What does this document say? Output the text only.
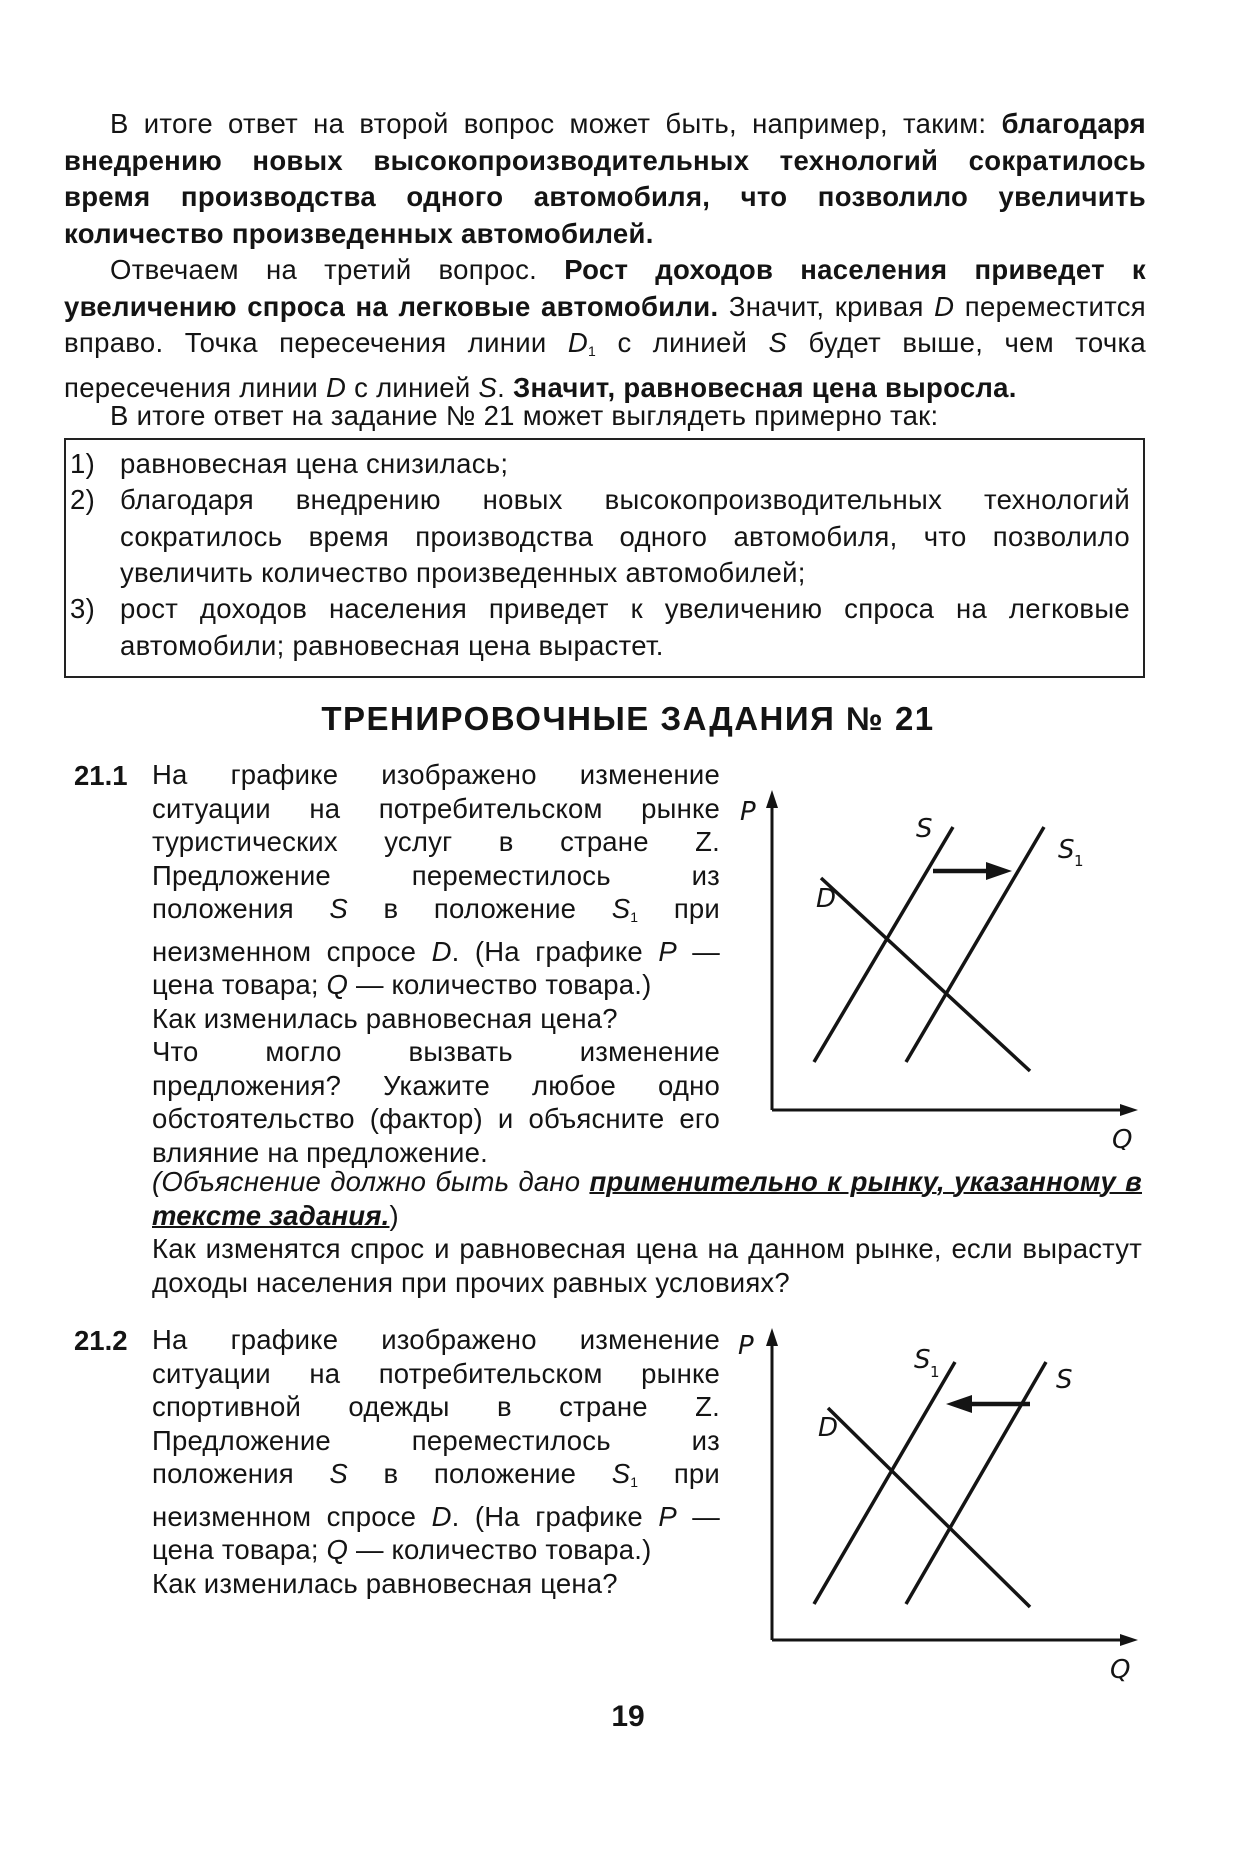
В итоге ответ на второй вопрос может быть, например, таким: благодаря внедрению новых высокопроизводительных технологий сократилось время производства одного автомобиля, что позволило увеличить количество произведенных автомобилей.

Отвечаем на третий вопрос. Рост доходов населения приведет к увеличению спроса на легковые автомобили. Значит, кривая D переместится вправо. Точка пересечения линии $D_1$ с линией S будет выше, чем точка пересечения линии D с линией S. Значит, равновесная цена выросла.

В итоге ответ на задание № 21 может выглядеть примерно так:

1) равновесная цена снизилась;
2) благодаря внедрению новых высокопроизводительных технологий сократилось время производства одного автомобиля, что позволило увеличить количество произведенных автомобилей;
3) рост доходов населения приведет к увеличению спроса на легковые автомобили; равновесная цена вырастет.
ТРЕНИРОВОЧНЫЕ ЗАДАНИЯ № 21
21.1 На графике изображено изменение ситуации на потребительском рынке туристических услуг в стране Z. Предложение переместилось из положения S в положение $S_1$ при неизменном спросе D. (На графике P — цена товара; Q — количество товара.)

Как изменилась равновесная цена?

Что могло вызвать изменение предложения? Укажите любое одно обстоятельство (фактор) и объясните его влияние на предложение.

(Объяснение должно быть дано применительно к рынку, указанному в тексте задания.)

Как изменятся спрос и равновесная цена на данном рынке, если вырастут доходы населения при прочих равных условиях?

P
Q
D
S
S 1
21.2 На графике изображено изменение ситуации на потребительском рынке спортивной одежды в стране Z. Предложение переместилось из положения S в положение $S_1$ при неизменном спросе D. (На графике P — цена товара; Q — количество товара.)

Как изменилась равновесная цена?

P
Q
D
S 1	S
19
